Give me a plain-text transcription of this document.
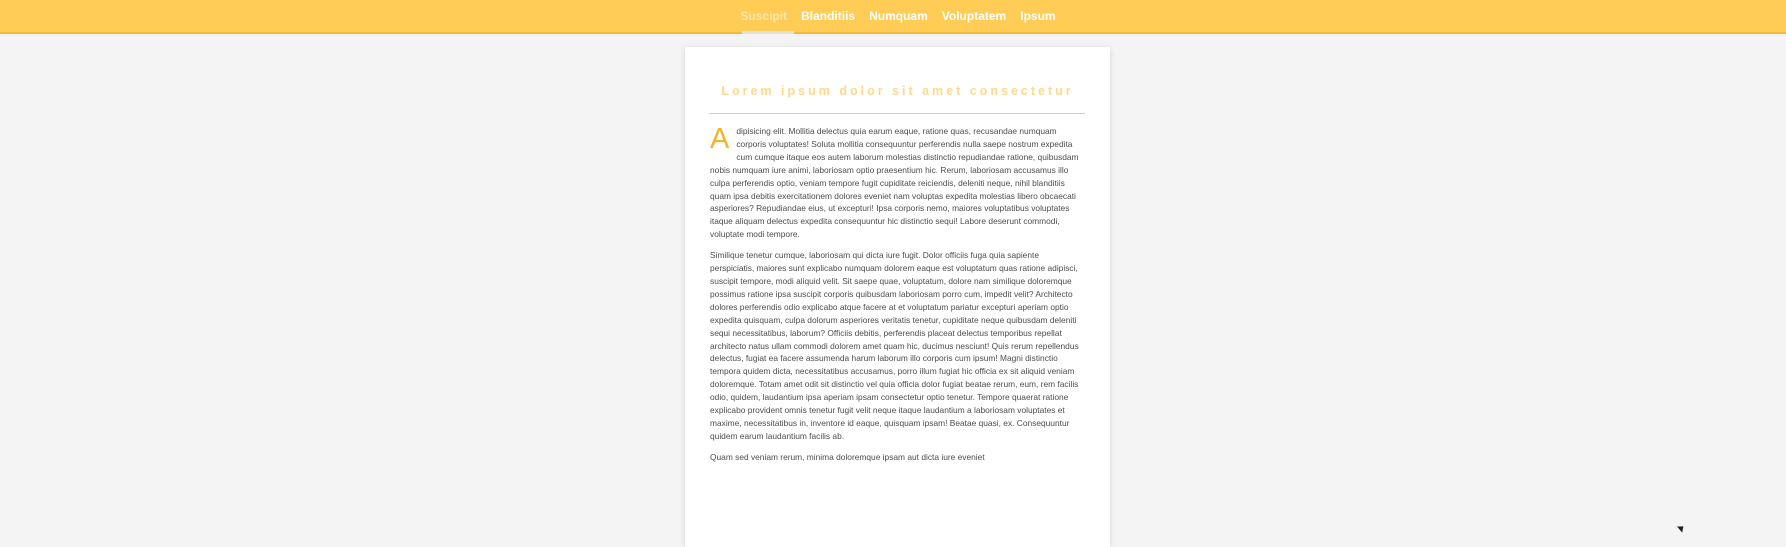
Suscipit Blanditiis Numquam Voluptatem Ipsum
Lorem ipsum dolor sit amet consectetur

A dipisicing elit. Mollitia delectus quia earum eaque, ratione quas, recusandae numquam corporis voluptates! Soluta mollitia consequuntur perferendis nulla saepe nostrum expedita cum cumque itaque eos autem laborum molestias distinctio repudiandae ratione, quibusdam nobis numquam iure animi, laboriosam optio praesentium hic. Rerum, laboriosam accusamus illo culpa perferendis optio, veniam tempore fugit cupiditate reiciendis, deleniti neque, nihil blanditiis quam ipsa debitis exercitationem dolores eveniet nam voluptas expedita molestias libero obcaecati asperiores? Repudiandae eius, ut excepturi! Ipsa corporis nemo, maiores voluptatibus voluptates itaque aliquam delectus expedita consequuntur hic distinctio sequi! Labore deserunt commodi, voluptate modi tempore.

Similique tenetur cumque, laboriosam qui dicta iure fugit. Dolor officiis fuga quia sapiente perspiciatis, maiores sunt explicabo numquam dolorem eaque est voluptatum quas ratione adipisci, suscipit tempore, modi aliquid velit. Sit saepe quae, voluptatum, dolore nam similique doloremque possimus ratione ipsa suscipit corporis quibusdam laboriosam porro cum, impedit velit? Architecto dolores perferendis odio explicabo atque facere at et voluptatum pariatur excepturi aperiam optio expedita quisquam, culpa dolorum asperiores veritatis tenetur, cupiditate neque quibusdam deleniti sequi necessitatibus, laborum? Officiis debitis, perferendis placeat delectus temporibus repellat architecto natus ullam commodi dolorem amet quam hic, ducimus nesciunt! Quis rerum repellendus delectus, fugiat ea facere assumenda harum laborum illo corporis cum ipsum! Magni distinctio tempora quidem dicta, necessitatibus accusamus, porro illum fugiat hic officia ex sit aliquid veniam doloremque. Totam amet odit sit distinctio vel quia officia dolor fugiat beatae rerum, eum, rem facilis odio, quidem, laudantium ipsa aperiam ipsam consectetur optio tenetur. Tempore quaerat ratione explicabo provident omnis tenetur fugit velit neque itaque laudantium a laboriosam voluptates et maxime, necessitatibus in, inventore id eaque, quisquam ipsam! Beatae quasi, ex. Consequuntur quidem earum laudantium facilis ab.

Quam sed veniam rerum, minima doloremque ipsam aut dicta iure eveniet
